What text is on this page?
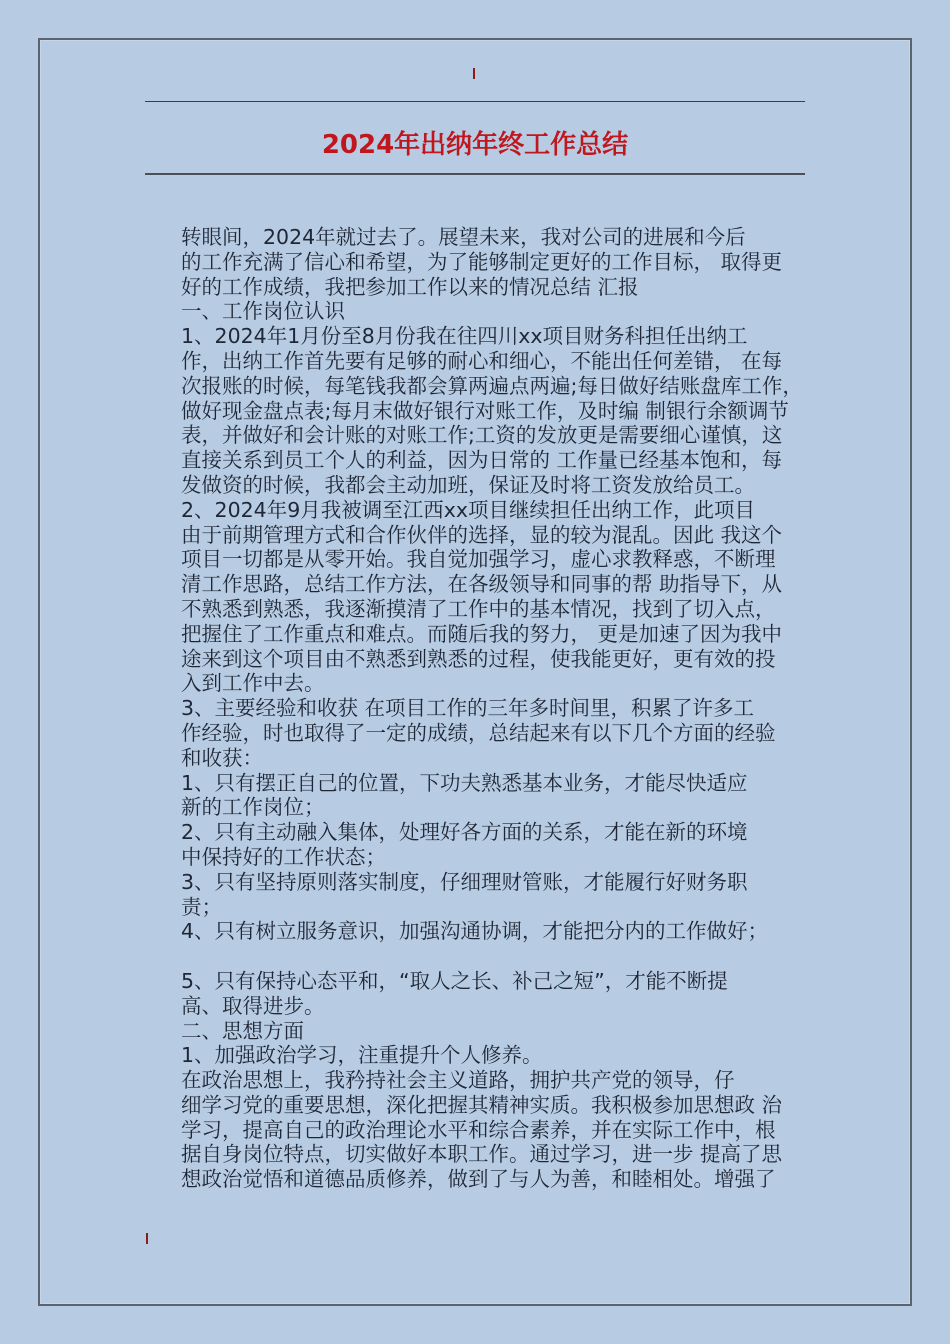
2024年出纳年终工作总结

转眼间，2024年就过去了。展望未来，我对公司的进展和今后
的工作充满了信心和希望，为了能够制定更好的工作目标， 取得更
好的工作成绩，我把参加工作以来的情况总结 汇报

一、工作岗位认识

1、2024年1月份至8月份我在往四川xx项目财务科担任出纳工
作，出纳工作首先要有足够的耐心和细心，不能出任何差错， 在每
次报账的时候，每笔钱我都会算两遍点两遍;每日做好结账盘库工作，
做好现金盘点表;每月末做好银行对账工作，及时编 制银行余额调节
表，并做好和会计账的对账工作;工资的发放更是需要细心谨慎，这
直接关系到员工个人的利益，因为日常的 工作量已经基本饱和，每
发做资的时候，我都会主动加班，保证及时将工资发放给员工。

2、2024年9月我被调至江西xx项目继续担任出纳工作，此项目
由于前期管理方式和合作伙伴的选择，显的较为混乱。因此 我这个
项目一切都是从零开始。我自觉加强学习，虚心求教释惑，不断理
清工作思路，总结工作方法，在各级领导和同事的帮 助指导下，从
不熟悉到熟悉，我逐渐摸清了工作中的基本情况，找到了切入点，
把握住了工作重点和难点。而随后我的努力， 更是加速了因为我中
途来到这个项目由不熟悉到熟悉的过程，使我能更好，更有效的投
入到工作中去。

3、主要经验和收获 在项目工作的三年多时间里，积累了许多工
作经验，时也取得了一定的成绩，总结起来有以下几个方面的经验
和收获：

1、只有摆正自己的位置，下功夫熟悉基本业务，才能尽快适应
新的工作岗位；

2、只有主动融入集体，处理好各方面的关系，才能在新的环境
中保持好的工作状态；

3、只有坚持原则落实制度，仔细理财管账，才能履行好财务职
责；

4、只有树立服务意识，加强沟通协调，才能把分内的工作做好；

5、只有保持心态平和，“取人之长、补己之短”，才能不断提
高、取得进步。

二、思想方面

1、加强政治学习，注重提升个人修养。

在政治思想上，我矜持社会主义道路，拥护共产党的领导，仔
细学习党的重要思想，深化把握其精神实质。我积极参加思想政 治
学习，提高自己的政治理论水平和综合素养，并在实际工作中，根
据自身岗位特点，切实做好本职工作。通过学习，进一步 提高了思
想政治觉悟和道德品质修养，做到了与人为善，和睦相处。增强了
